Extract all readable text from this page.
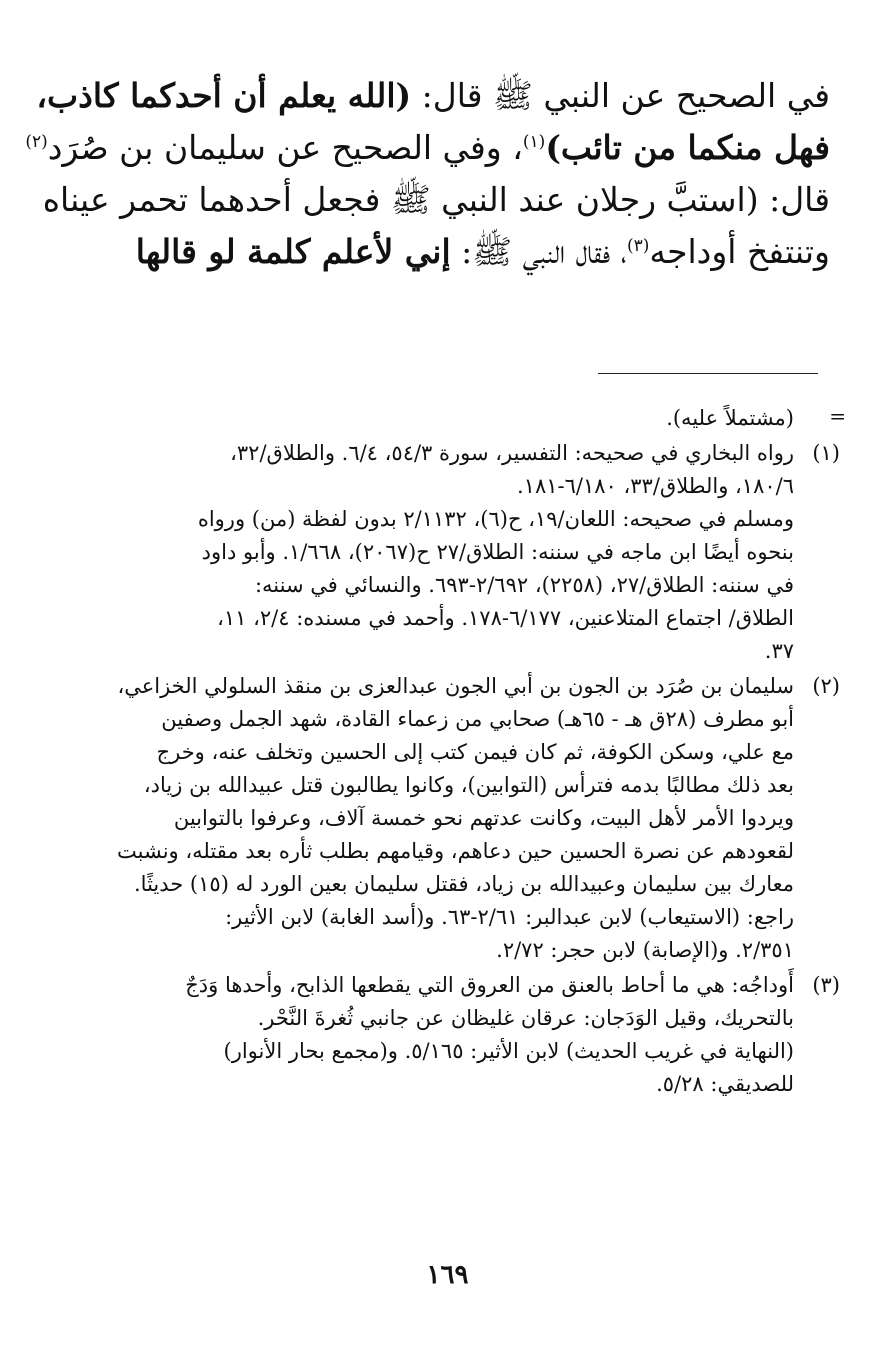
في الصحيح عن النبي ﷺ قال: (الله يعلم أن أحدكما كاذب،
فهل منكما من تائب)$^{(١)}$، وفي الصحيح عن سليمان بن صُرَد$^{(٢)}$
قال: (استبَّ رجلان عند النبي ﷺ فجعل أحدهما تحمر عيناه
وتنتفخ أوداجه$^{(٣)}$، فقال النبي ﷺ: إني لأعلم كلمة لو قالها
=
(مشتملاً عليه).
(١)
رواه البخاري في صحيحه: التفسير، سورة ٥٤/٣، ٦/٤. والطلاق/٣٢،
١٨٠/٦، والطلاق/٣٣، ٦/١٨٠-١٨١.
ومسلم في صحيحه: اللعان/١٩، ح(٦)، ٢/١١٣٢ بدون لفظة (من) ورواه
بنحوه أيضًا ابن ماجه في سننه: الطلاق/٢٧ ح(٢٠٦٧)، ١/٦٦٨. وأبو داود
في سننه: الطلاق/٢٧، (٢٢٥٨)، ٢/٦٩٢-٦٩٣. والنسائي في سننه:
الطلاق/ اجتماع المتلاعنين، ٦/١٧٧-١٧٨. وأحمد في مسنده: ٢/٤، ١١،
٣٧.
(٢)
سليمان بن صُرَد بن الجون بن أبي الجون عبدالعزى بن منقذ السلولي الخزاعي،
أبو مطرف (٢٨ق هـ - ٦٥هـ) صحابي من زعماء القادة، شهد الجمل وصفين
مع علي، وسكن الكوفة، ثم كان فيمن كتب إلى الحسين وتخلف عنه، وخرج
بعد ذلك مطالبًا بدمه فترأس (التوابين)، وكانوا يطالبون قتل عبيدالله بن زياد،
ويردوا الأمر لأهل البيت، وكانت عدتهم نحو خمسة آلاف، وعرفوا بالتوابين
لقعودهم عن نصرة الحسين حين دعاهم، وقيامهم بطلب ثأره بعد مقتله، ونشبت
معارك بين سليمان وعبيدالله بن زياد، فقتل سليمان بعين الورد له (١٥) حديثًا.
راجع: (الاستيعاب) لابن عبدالبر: ٢/٦١-٦٣. و(أسد الغابة) لابن الأثير:
٢/٣٥١. و(الإصابة) لابن حجر: ٢/٧٢.
(٣)
أَوداجُه: هي ما أحاط بالعنق من العروق التي يقطعها الذابح، وأحدها وَدَجٌ
بالتحريك، وقيل الوَدَجان: عرقان غليظان عن جانبي ثُغرةَ النَّحْر.
(النهاية في غريب الحديث) لابن الأثير: ٥/١٦٥. و(مجمع بحار الأنوار)
للصديقي: ٥/٢٨.
١٦٩
